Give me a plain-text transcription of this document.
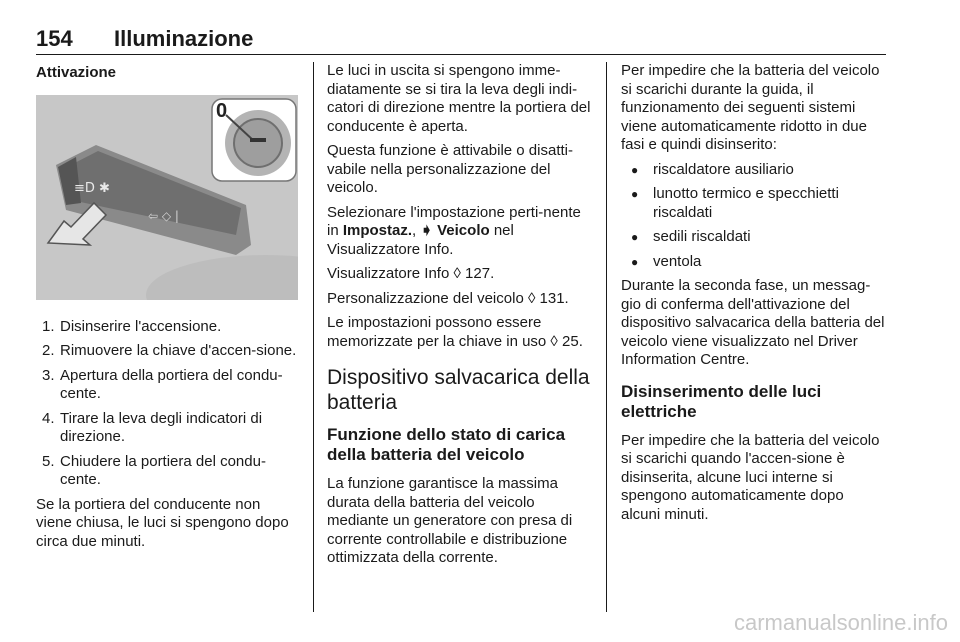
154 Illuminazione
Attivazione
≡D ✱
⇦ ◇ |
0
1. Disinserire l'accensione.
2. Rimuovere la chiave d'accen-sione.
3. Apertura della portiera del condu-cente.
4. Tirare la leva degli indicatori di direzione.
5. Chiudere la portiera del condu-cente.

Se la portiera del conducente non viene chiusa, le luci si spengono dopo circa due minuti.

Le luci in uscita si spengono imme-diatamente se si tira la leva degli indi-catori di direzione mentre la portiera del conducente è aperta.

Questa funzione è attivabile o disatti-vabile nella personalizzazione del veicolo.

Selezionare l'impostazione perti-nente in Impostaz., ➧ Veicolo nel Visualizzatore Info.

Visualizzatore Info ◊ 127.

Personalizzazione del veicolo ◊ 131.

Le impostazioni possono essere memorizzate per la chiave in uso ◊ 25.

Dispositivo salvacarica della batteria
Funzione dello stato di carica della batteria del veicolo

La funzione garantisce la massima durata della batteria del veicolo mediante un generatore con presa di corrente controllabile e distribuzione ottimizzata della corrente.

Per impedire che la batteria del veicolo si scarichi durante la guida, il funzionamento dei seguenti sistemi viene automaticamente ridotto in due fasi e quindi disinserito:

● riscaldatore ausiliario
● lunotto termico e specchietti riscaldati
● sedili riscaldati
● ventola

Durante la seconda fase, un messag-gio di conferma dell'attivazione del dispositivo salvacarica della batteria del veicolo viene visualizzato nel Driver Information Centre.

Disinserimento delle luci elettriche

Per impedire che la batteria del veicolo si scarichi quando l'accen-sione è disinserita, alcune luci interne si spengono automaticamente dopo alcuni minuti.

carmanualsonline.info
